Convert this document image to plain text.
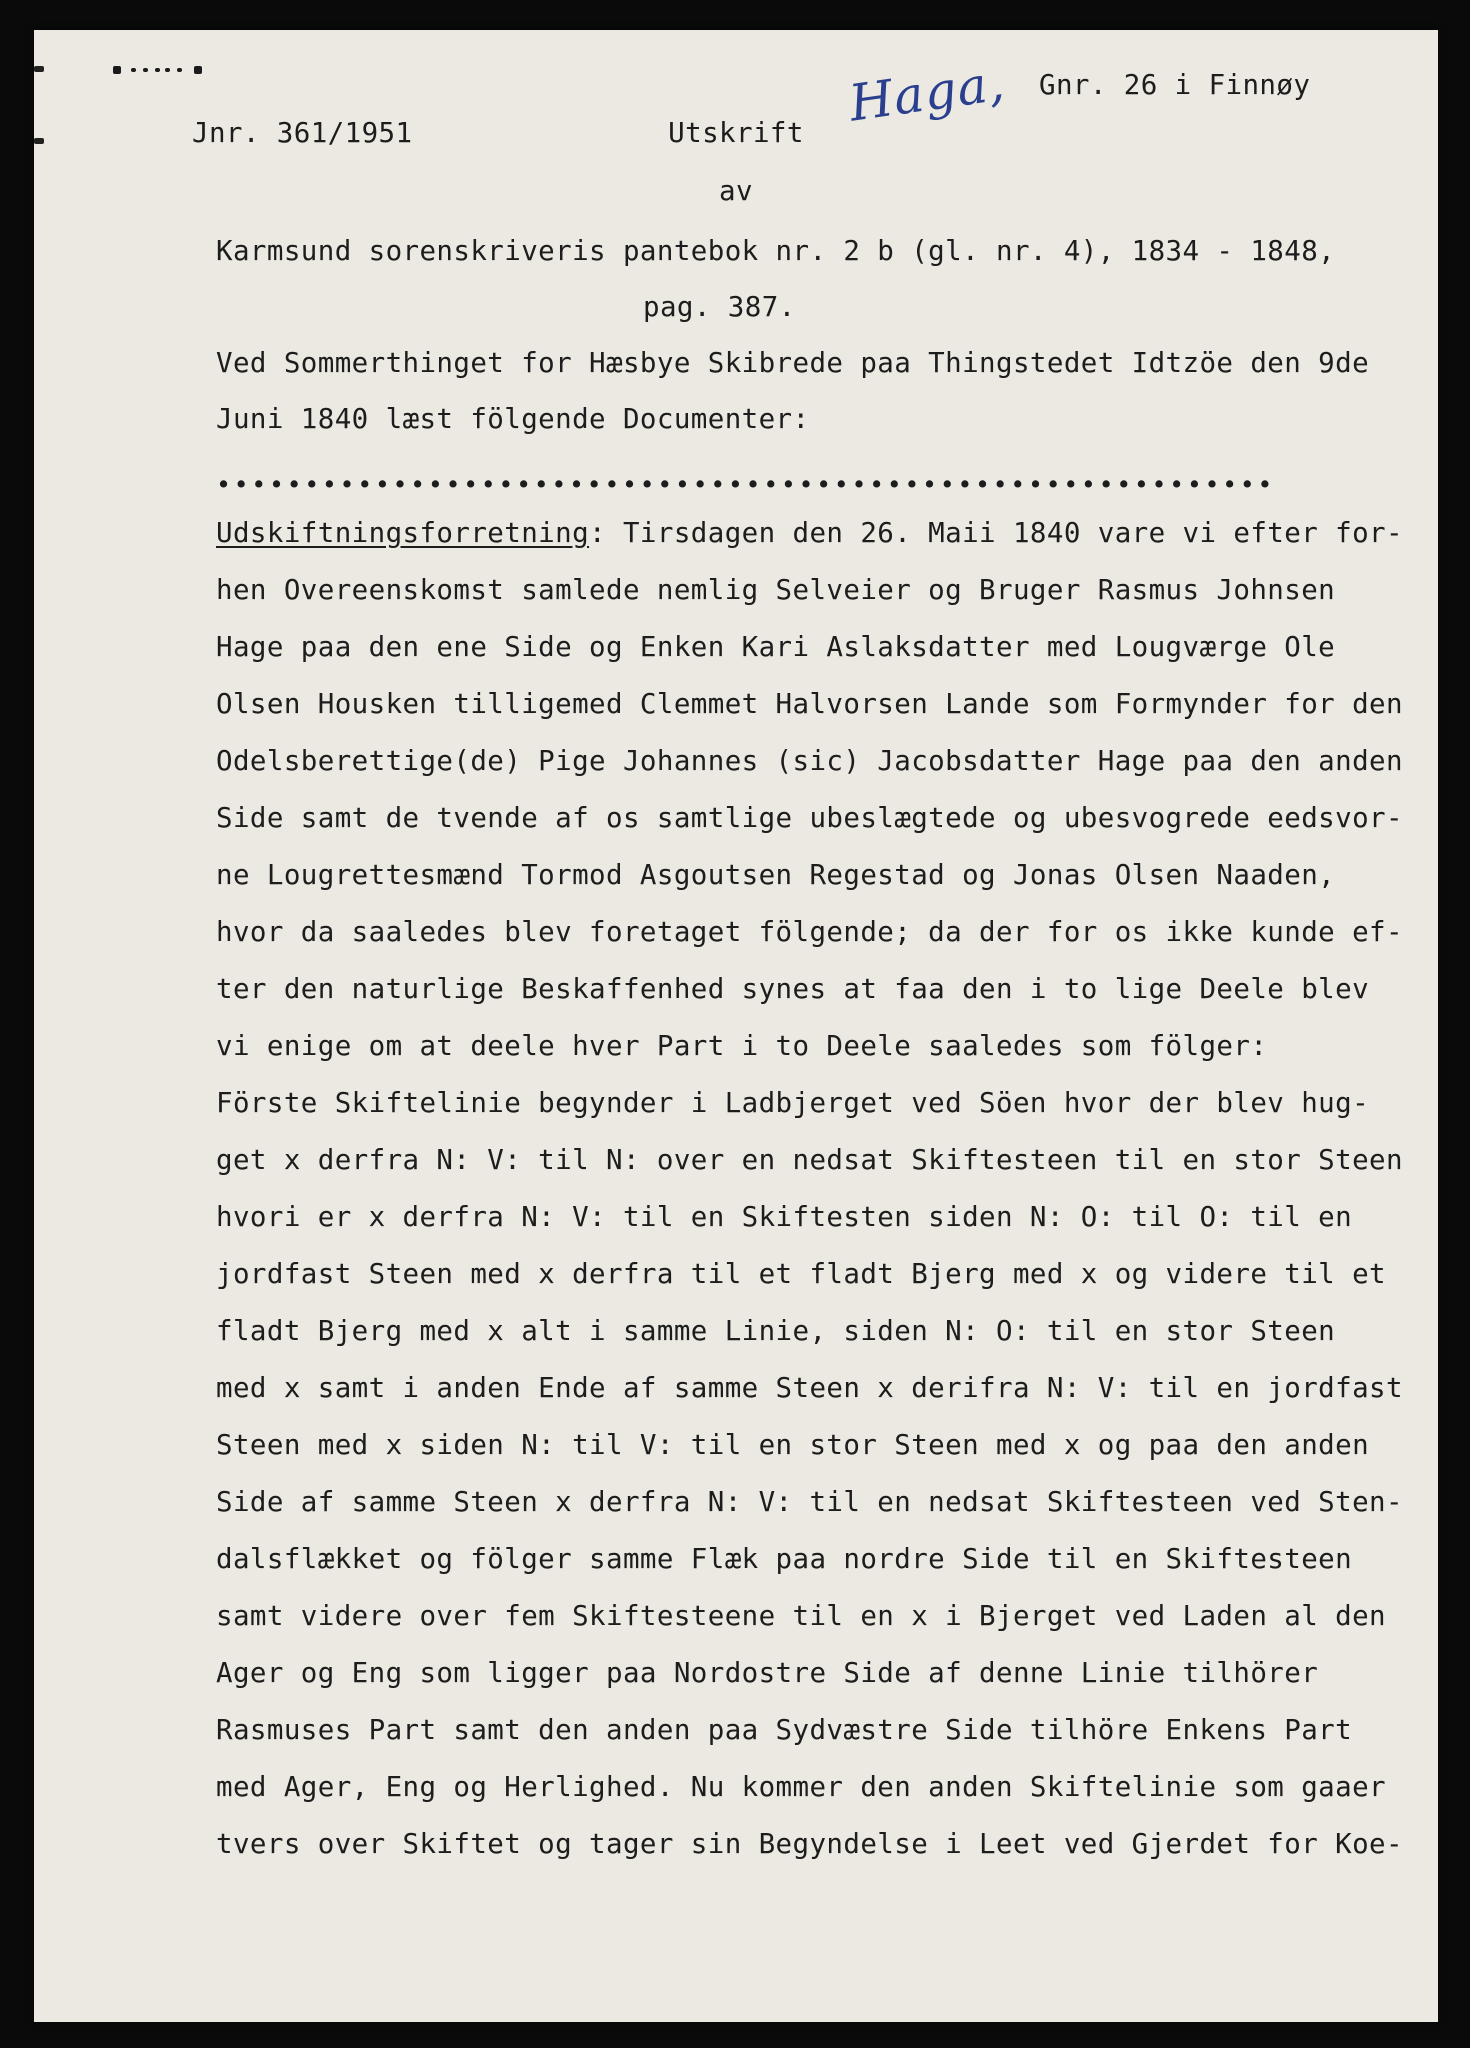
Haga, Gnr. 26 i Finnøy
Jnr. 361/1951	Utskrift
av
Karmsund sorenskriveris pantebok nr. 2 b (gl. nr. 4), 1834 - 1848,
pag. 387.
Ved Sommerthinget for Hæsbye Skibrede paa Thingstedet Idtzöe den 9de
Juni 1840 læst fölgende Documenter:
••••••••••••••••••••••••••••••••••••••••••••••••••••••••••••
Udskiftningsforretning: Tirsdagen den 26. Maii 1840 vare vi efter for-
hen Overeenskomst samlede nemlig Selveier og Bruger Rasmus Johnsen
Hage paa den ene Side og Enken Kari Aslaksdatter med Lougværge Ole
Olsen Housken tilligemed Clemmet Halvorsen Lande som Formynder for den
Odelsberettige(de) Pige Johannes (sic) Jacobsdatter Hage paa den anden
Side samt de tvende af os samtlige ubeslægtede og ubesvogrede eedsvor-
ne Lougrettesmænd Tormod Asgoutsen Regestad og Jonas Olsen Naaden,
hvor da saaledes blev foretaget fölgende; da der for os ikke kunde ef-
ter den naturlige Beskaffenhed synes at faa den i to lige Deele blev
vi enige om at deele hver Part i to Deele saaledes som fölger:
Förste Skiftelinie begynder i Ladbjerget ved Söen hvor der blev hug-
get x derfra N: V: til N: over en nedsat Skiftesteen til en stor Steen
hvori er x derfra N: V: til en Skiftesten siden N: O: til O: til en
jordfast Steen med x derfra til et fladt Bjerg med x og videre til et
fladt Bjerg med x alt i samme Linie, siden N: O: til en stor Steen
med x samt i anden Ende af samme Steen x derifra N: V: til en jordfast
Steen med x siden N: til V: til en stor Steen med x og paa den anden
Side af samme Steen x derfra N: V: til en nedsat Skiftesteen ved Sten-
dalsflække​t og fölger samme Flæk paa nordre Side til en Skiftesteen
samt videre over fem Skiftesteene til en x i Bjerget ved Laden al den
Ager og Eng som ligger paa Nordostre Side af denne Linie tilhörer
Rasmuses Part samt den anden paa Sydvæstre Side tilhöre Enkens Part
med Ager, Eng og Herlighed. Nu kommer den anden Skiftelinie som gaaer
tvers over Skiftet og tager sin Begyndelse i Leet ved Gjerdet for Koe-
